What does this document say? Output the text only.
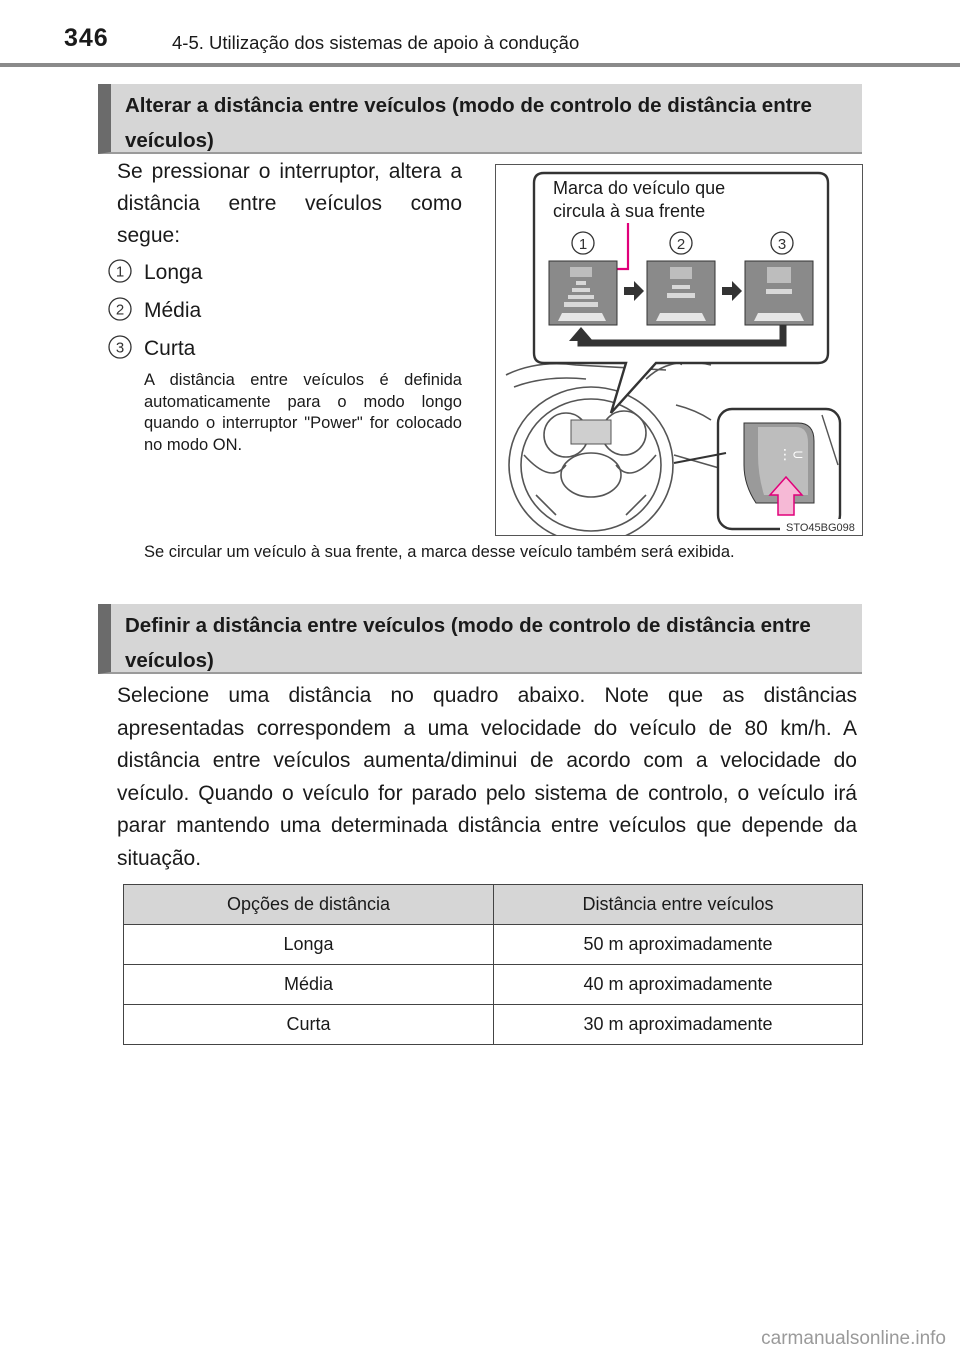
346	4-5. Utilização dos sistemas de apoio à condução
Alterar a distância entre veículos (modo de controlo de distância entre veículos)
Se pressionar o interruptor, altera a distância entre veículos como segue:
1 Longa
2 Média
3 Curta
A distância entre veículos é definida automaticamente para o modo longo quando o interruptor "Power" for colocado no modo ON.
Marca do veículo que
circula à sua frente
1	2	3
⋮⊂
STO45BG098
Se circular um veículo à sua frente, a marca desse veículo também será exibida.
Definir a distância entre veículos (modo de controlo de distância entre veículos)
Selecione uma distância no quadro abaixo. Note que as distâncias apresentadas correspondem a uma velocidade do veículo de 80 km/h. A distância entre veículos aumenta/diminui de acordo com a velocidade do veículo. Quando o veículo for parado pelo sistema de controlo, o veículo irá parar mantendo uma determinada distância entre veículos que depende da situação.
Opções de distância	Distância entre veículos
Longa	50 m aproximadamente
Média	40 m aproximadamente
Curta	30 m aproximadamente
carmanualsonline.info
